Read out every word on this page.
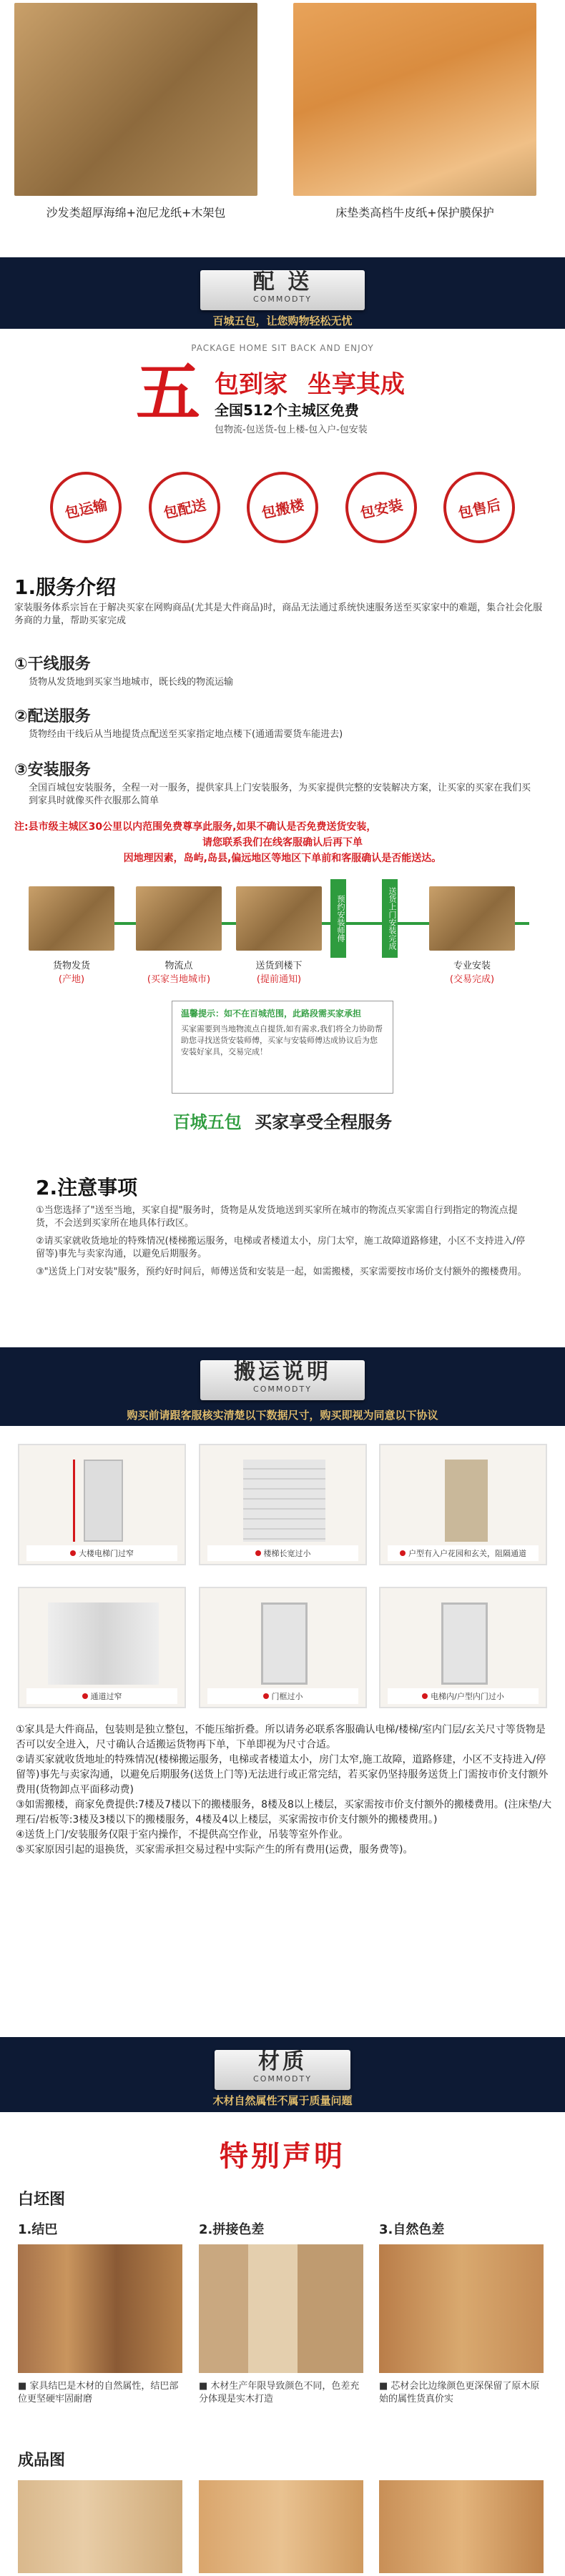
沙发类超厚海绵+泡尼龙纸+木架包	床垫类高档牛皮纸+保护膜保护
配 送
COMMODTY
百城五包，让您购物轻松无忧
PACKAGE HOME SIT BACK AND ENJOY
五 包到家 坐享其成
全国512个主城区免费
包物流-包送货-包上楼-包入户-包安装
包运输	包配送	包搬楼	包安装	包售后
1.服务介绍
家装服务体系宗旨在于解决买家在网购商品(尤其是大件商品)时，商品无法通过系统快速服务送至买家家中的难题，集合社会化服务商的力量，帮助买家完成
①干线服务
货物从发货地到买家当地城市，既长线的物流运输
②配送服务
货物经由干线后从当地提货点配送至买家指定地点楼下(通通需要货车能进去)
③安装服务
全国百城包安装服务，全程一对一服务，提供家具上门安装服务，为买家提供完整的安装解决方案，让买家的买家在我们买到家具时就像买件衣服那么简单
注:县市级主城区30公里以内范围免费尊享此服务,如果不确认是否免费送货安装，
请您联系我们在线客服确认后再下单
因地理因素，岛屿,岛县,偏远地区等地区下单前和客服确认是否能送达。
预约安装师傅	送货上门安装完成
货物发货
(产地)
物流点
(买家当地城市)
送货到楼下
(提前通知)
专业安装
(交易完成)
温馨提示：如不在百城范围，此路段需买家承担
买家需要到当地物流点自提货,如有需求,我们将全力协助帮助您寻找送货安装师傅，买家与安装师傅达成协议后为您安装好家具，交易完成！
百城五包 买家享受全程服务
2.注意事项
①当您选择了"送至当地，买家自提"服务时，货物是从发货地送到买家所在城市的物流点买家需自行到指定的物流点提货，不会送到买家所在地具体行政区。
②请买家就收货地址的特殊情况(楼梯搬运服务，电梯或者楼道太小，房门太窄，施工故障道路修建，小区不支持进入/停留等)事先与卖家沟通，以避免后期服务。
③"送货上门对安装"服务，预约好时间后，师傅送货和安装是一起，如需搬楼，买家需要按市场价支付额外的搬楼费用。
搬运说明
COMMODTY
购买前请跟客服核实清楚以下数据尺寸，购买即视为同意以下协议
大楼电梯门过窄	楼梯长宽过小	户型有入户花园和玄关，阻隔通道
通道过窄	门框过小	电梯内/户型内门过小
①家具是大件商品，包装则是独立整包，不能压缩折叠。所以请务必联系客服确认电梯/楼梯/室内门层/玄关尺寸等货物是否可以安全进入，尺寸确认合适搬运货物再下单，下单即视为尺寸合适。
②请买家就收货地址的特殊情况(楼梯搬运服务，电梯或者楼道太小，房门太窄,施工故障，道路修建，小区不支持进入/停留等)事先与卖家沟通，以避免后期服务(送货上门等)无法进行或正常完结，若买家仍坚持服务送货上门需按市价支付额外费用(货物卸点平面移动费)
③如需搬楼，商家免费提供:7楼及7楼以下的搬楼服务，8楼及8以上楼层，买家需按市价支付额外的搬楼费用。(注床垫/大理石/岩板等:3楼及3楼以下的搬楼服务，4楼及4以上楼层，买家需按市价支付额外的搬楼费用。)
④送货上门/安装服务仅限于室内操作，不提供高空作业，吊装等室外作业。
⑤买家原因引起的退换货，买家需承担交易过程中实际产生的所有费用(运费，服务费等)。
材质
COMMODTY
木材自然属性不属于质量问题
特别声明
白坯图
1.结巴	2.拼接色差	3.自然色差
■ 家具结巴是木材的自然属性，结巴部位更坚硬牢固耐磨
■ 木材生产年限导致颜色不同，色差充分体现是实木打造
■ 芯材会比边缘颜色更深保留了原木原始的属性货真价实
成品图
